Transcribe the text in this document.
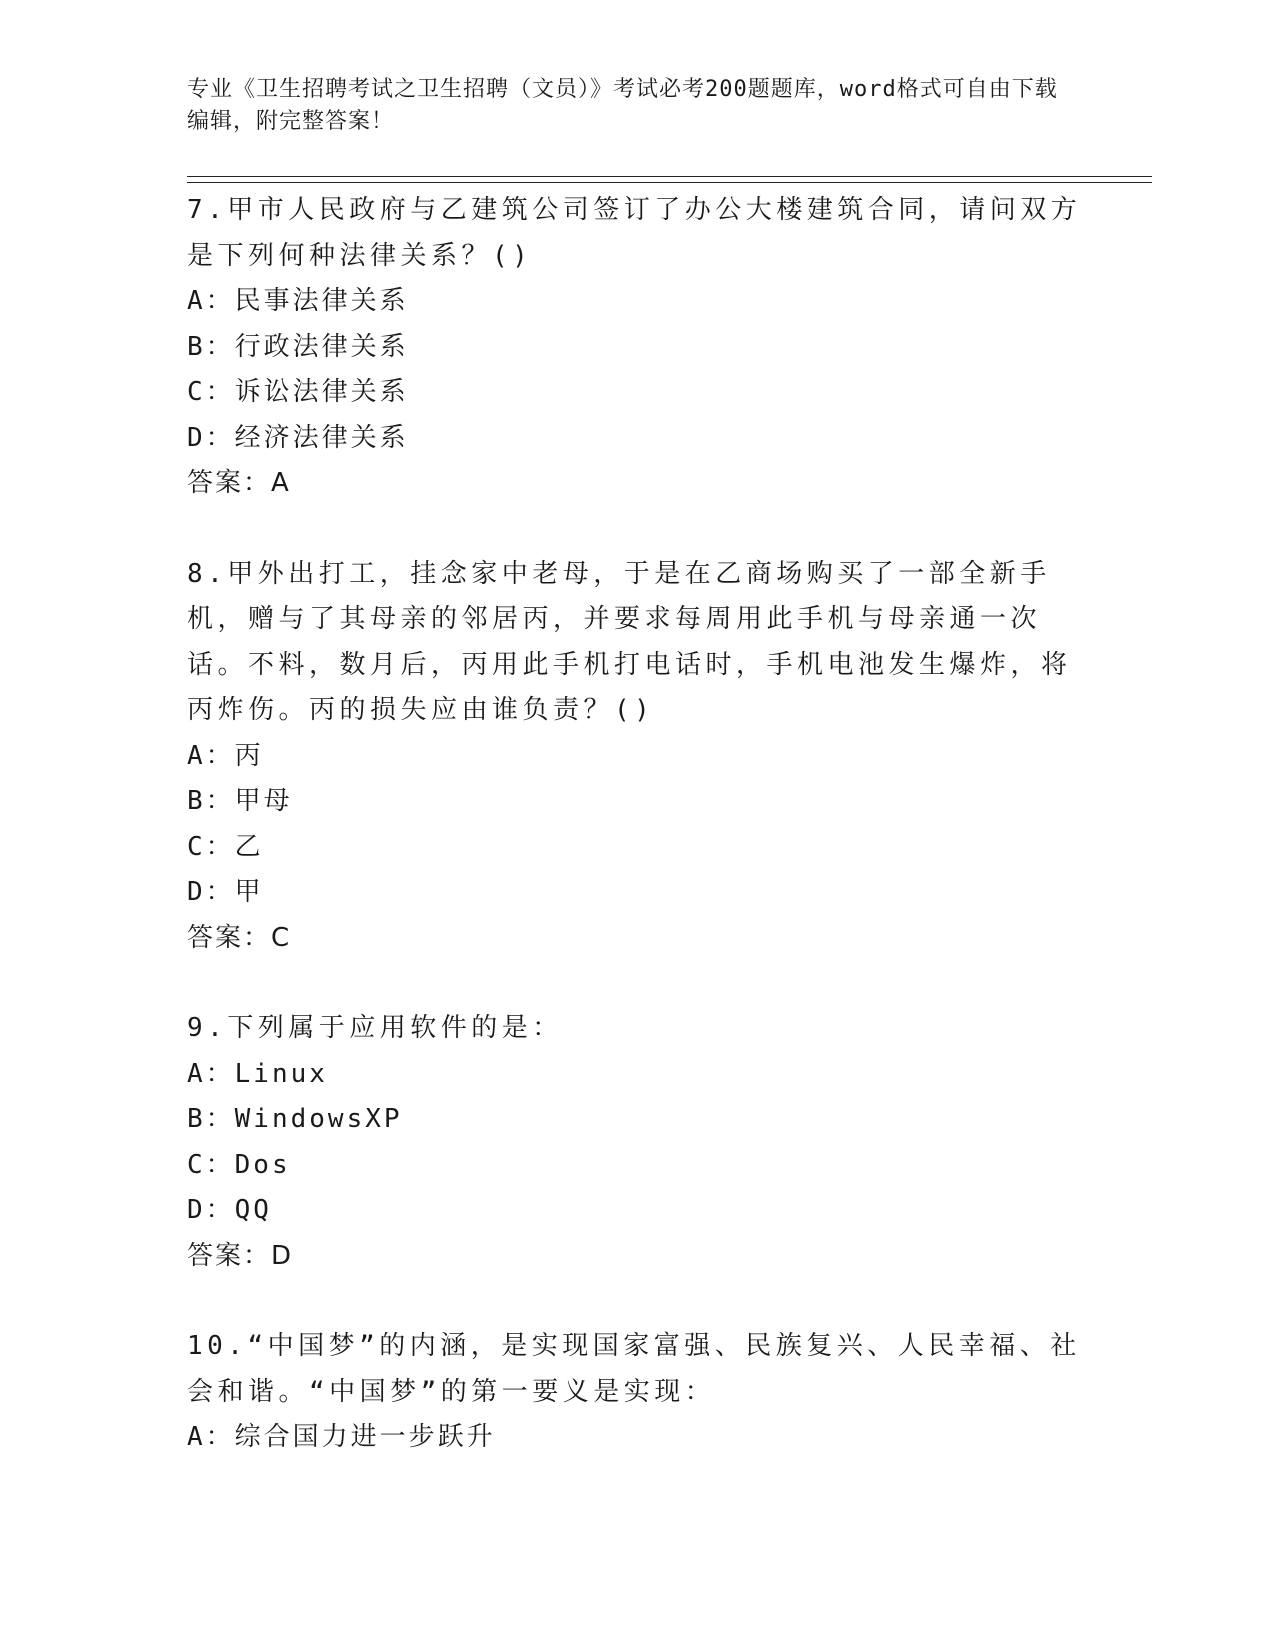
专业《卫生招聘考试之卫生招聘（文员）》考试必考200题题库，word格式可自由下载编辑，附完整答案！
7.甲市人民政府与乙建筑公司签订了办公大楼建筑合同，请问双方是下列何种法律关系？()
A：民事法律关系
B：行政法律关系
C：诉讼法律关系
D：经济法律关系
答案：A
8.甲外出打工，挂念家中老母，于是在乙商场购买了一部全新手机，赠与了其母亲的邻居丙，并要求每周用此手机与母亲通一次话。不料，数月后，丙用此手机打电话时，手机电池发生爆炸，将丙炸伤。丙的损失应由谁负责？()
A：丙
B：甲母
C：乙
D：甲
答案：C
9.下列属于应用软件的是：
A：Linux
B：WindowsXP
C：Dos
D：QQ
答案：D
10.“中国梦”的内涵，是实现国家富强、民族复兴、人民幸福、社会和谐。“中国梦”的第一要义是实现：
A：综合国力进一步跃升
